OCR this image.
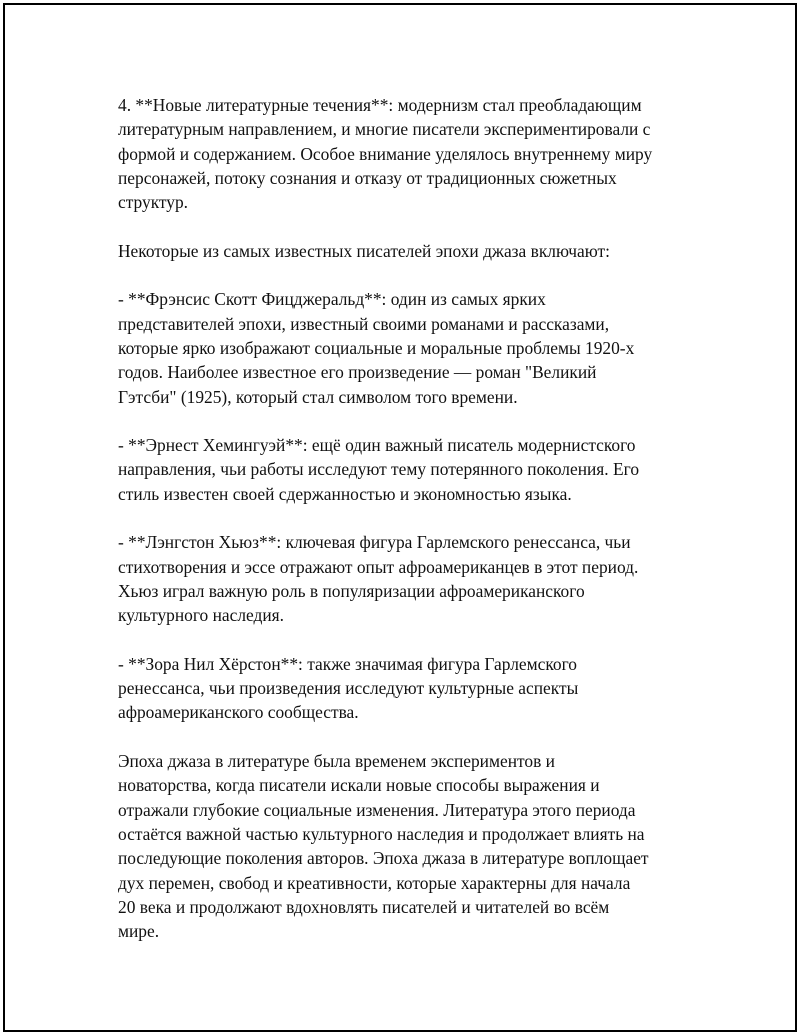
4. **Новые литературные течения**: модернизм стал преобладающим
литературным направлением, и многие писатели экспериментировали с
формой и содержанием. Особое внимание уделялось внутреннему миру
персонажей, потоку сознания и отказу от традиционных сюжетных
структур.

Некоторые из самых известных писателей эпохи джаза включают:

- **Фрэнсис Скотт Фицджеральд**: один из самых ярких
представителей эпохи, известный своими романами и рассказами,
которые ярко изображают социальные и моральные проблемы 1920-х
годов. Наиболее известное его произведение — роман "Великий
Гэтсби" (1925), который стал символом того времени.

- **Эрнест Хемингуэй**: ещё один важный писатель модернистского
направления, чьи работы исследуют тему потерянного поколения. Его
стиль известен своей сдержанностью и экономностью языка.

- **Лэнгстон Хьюз**: ключевая фигура Гарлемского ренессанса, чьи
стихотворения и эссе отражают опыт афроамериканцев в этот период.
Хьюз играл важную роль в популяризации афроамериканского
культурного наследия.

- **Зора Нил Хёрстон**: также значимая фигура Гарлемского
ренессанса, чьи произведения исследуют культурные аспекты
афроамериканского сообщества.

Эпоха джаза в литературе была временем экспериментов и
новаторства, когда писатели искали новые способы выражения и
отражали глубокие социальные изменения. Литература этого периода
остаётся важной частью культурного наследия и продолжает влиять на
последующие поколения авторов. Эпоха джаза в литературе воплощает
дух перемен, свобод и креативности, которые характерны для начала
20 века и продолжают вдохновлять писателей и читателей во всём
мире.
